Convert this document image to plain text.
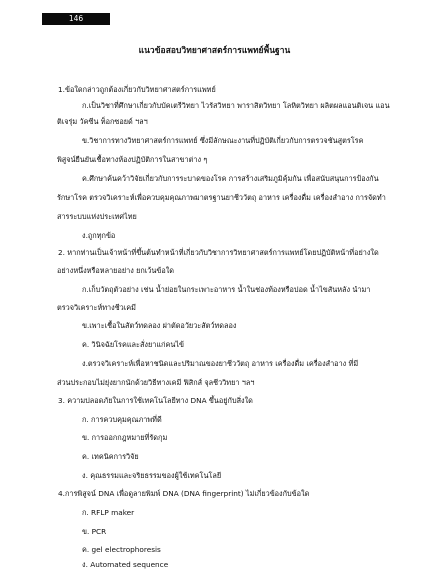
146
แนวข้อสอบวิทยาศาสตร์การแพทย์พื้นฐาน
1.ข้อใดกล่าวถูกต้องเกี่ยวกับวิทยาศาสตร์การแพทย์
ก.เป็นวิชาที่ศึกษาเกี่ยวกับบัคเตรีวิทยา ไวรัสวิทยา พาราสิตวิทยา โลหิตวิทยา ผลิตผลแอนติเจน แอน
ติเจรุ่ม วัคซีน ท็อกซอยด์ ฯลฯ
ข.วิชาการทางวิทยาศาสตร์การแพทย์ ซึ่งมีลักษณะงานที่ปฏิบัติเกี่ยวกับการตรวจชันสูตรโรค
พิสูจน์ยืนยันเชื้อทางห้องปฏิบัติการในสาขาต่าง ๆ
ค.ศึกษาค้นคว้าวิจัยเกี่ยวกับการระบาดของโรค การสร้างเสริมภูมิคุ้มกัน เพื่อสนับสนุนการป้องกัน
รักษาโรค ตรวจวิเคราะห์เพื่อควบคุมคุณภาพมาตรฐานยาชีววัตถุ อาหาร เครื่องดื่ม เครื่องสำอาง การจัดทำ
สารระบบแห่งประเทศไทย
ง.ถูกทุกข้อ
2. หากท่านเป็นเจ้าหน้าที่ขึ้นต้นทำหน้าที่เกี่ยวกับวิชาการวิทยาศาสตร์การแพทย์โดยปฏิบัติหน้าที่อย่างใด
อย่างหนึ่งหรือหลายอย่าง ยกเว้นข้อใด
ก.เก็บวัตถุตัวอย่าง เช่น น้ำย่อยในกระเพาะอาหาร น้ำในช่องท้องหรือปอด น้ำไขสันหลัง นำมา
ตรวจวิเคราะห์ทางชีวเคมี
ข.เพาะเชื้อในสัตว์ทดลอง ผ่าตัดอวัยวะสัตว์ทดลอง
ค. วินิจฉัยโรคและสั่งยาแก่คนไข้
ง.ตรวจวิเคราะห์เพื่อหาชนิดและปริมาณของยาชีววัตถุ อาหาร เครื่องดื่ม เครื่องสำอาง ที่มี
ส่วนประกอบไม่ยุ่งยากนักด้วยวิธีทางเคมี ฟิสิกส์ จุลชีววิทยา ฯลฯ
3. ความปลอดภัยในการใช้เทคโนโลยีทาง DNA ขึ้นอยู่กับสิ่งใด
ก. การควบคุมคุณภาพที่ดี
ข. การออกกฎหมายที่รัดกุม
ค. เทคนิคการวิจัย
ง. คุณธรรมและจริยธรรมของผู้ใช้เทคโนโลยี
4.การพิสูจน์ DNA เพื่อดูลายพิมพ์ DNA (DNA fingerprint) ไม่เกี่ยวข้องกับข้อใด
ก. RFLP maker
ข. PCR
ค. gel electrophoresis
ง. Automated sequence
